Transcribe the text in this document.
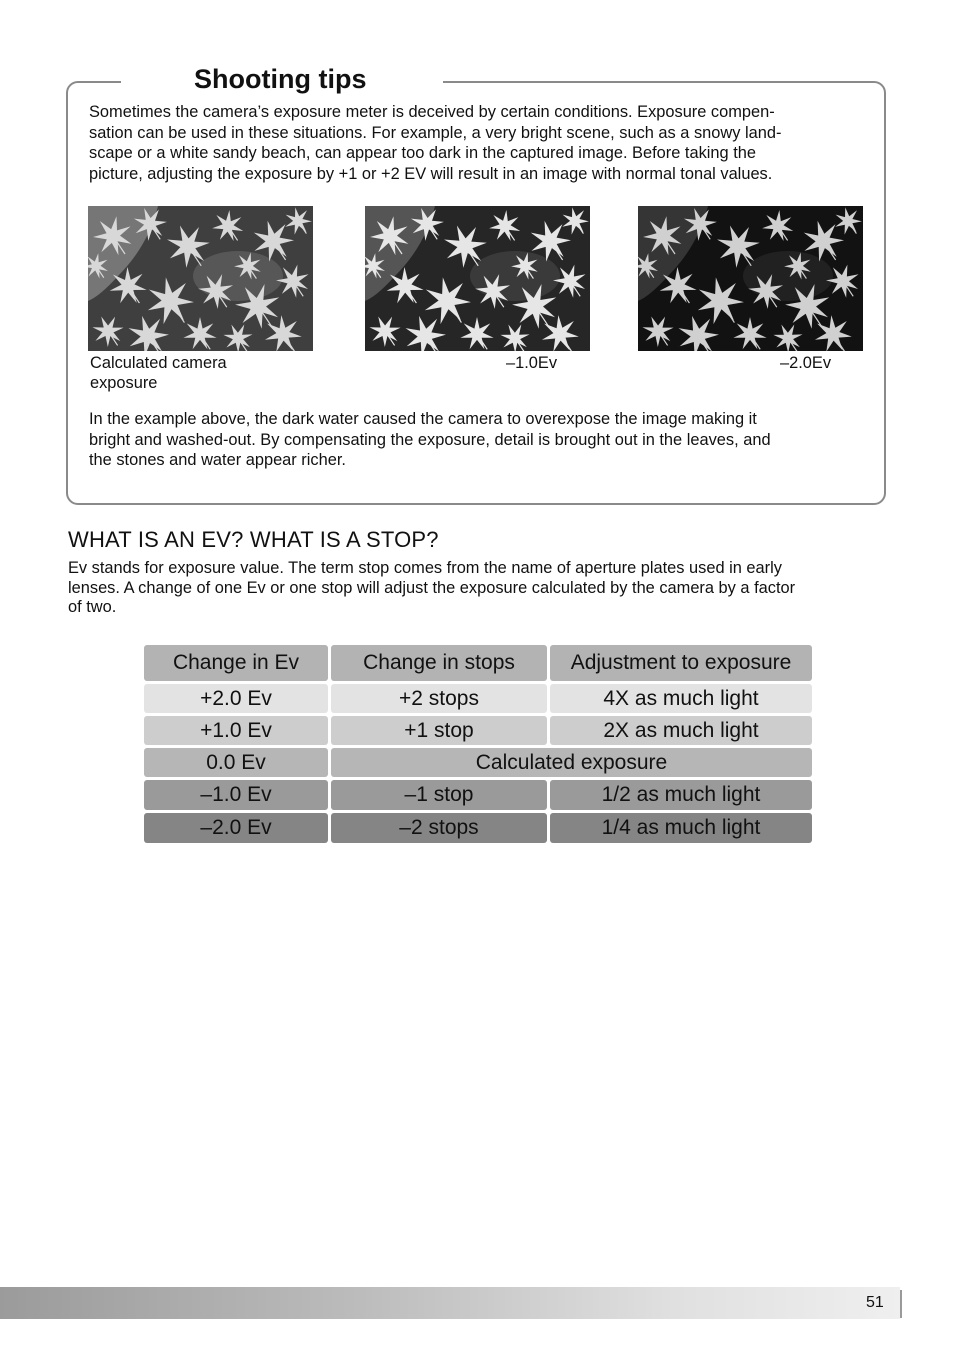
Shooting tips

Sometimes the camera’s exposure meter is deceived by certain conditions. Exposure compen-
sation can be used in these situations. For example, a very bright scene, such as a snowy land-
scape or a white sandy beach, can appear too dark in the captured image. Before taking the
picture, adjusting the exposure by +1 or +2 EV will result in an image with normal tonal values.

Calculated camera
exposure

–1.0Ev	–2.0Ev

In the example above, the dark water caused the camera to overexpose the image making it
bright and washed-out. By compensating the exposure, detail is brought out in the leaves, and
the stones and water appear richer.

WHAT IS AN EV? WHAT IS A STOP?

Ev stands for exposure value. The term stop comes from the name of aperture plates used in early
lenses. A change of one Ev or one stop will adjust the exposure calculated by the camera by a factor
of two.

Change in Ev	Change in stops	Adjustment to exposure
+2.0 Ev	+2 stops	4X as much light
+1.0 Ev	+1 stop	2X as much light
0.0 Ev	Calculated exposure
–1.0 Ev	–1 stop	1/2 as much light
–2.0 Ev	–2 stops	1/4 as much light

51
